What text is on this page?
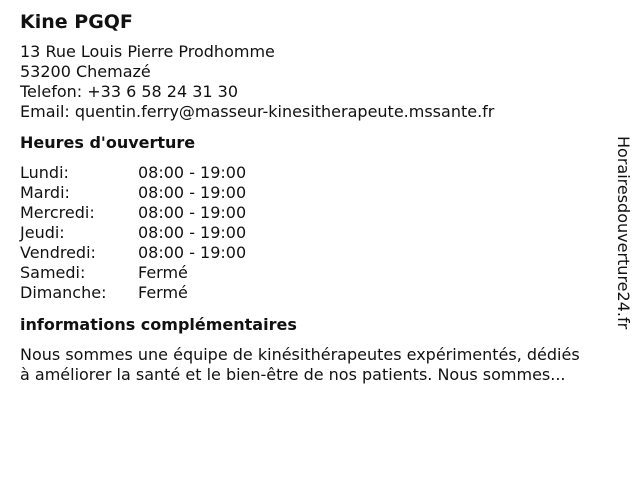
Kine PGQF
13 Rue Louis Pierre Prodhomme
53200 Chemazé
Telefon: +33 6 58 24 31 30
Email: quentin.ferry@masseur-kinesitherapeute.mssante.fr
Heures d'ouverture
Lundi:	08:00 - 19:00
Mardi:	08:00 - 19:00
Mercredi:	08:00 - 19:00
Jeudi:	08:00 - 19:00
Vendredi:	08:00 - 19:00
Samedi:	Fermé
Dimanche:	Fermé
informations complémentaires
Nous sommes une équipe de kinésithérapeutes expérimentés, dédiés
à améliorer la santé et le bien-être de nos patients. Nous sommes...
Horairesdouverture24.fr
